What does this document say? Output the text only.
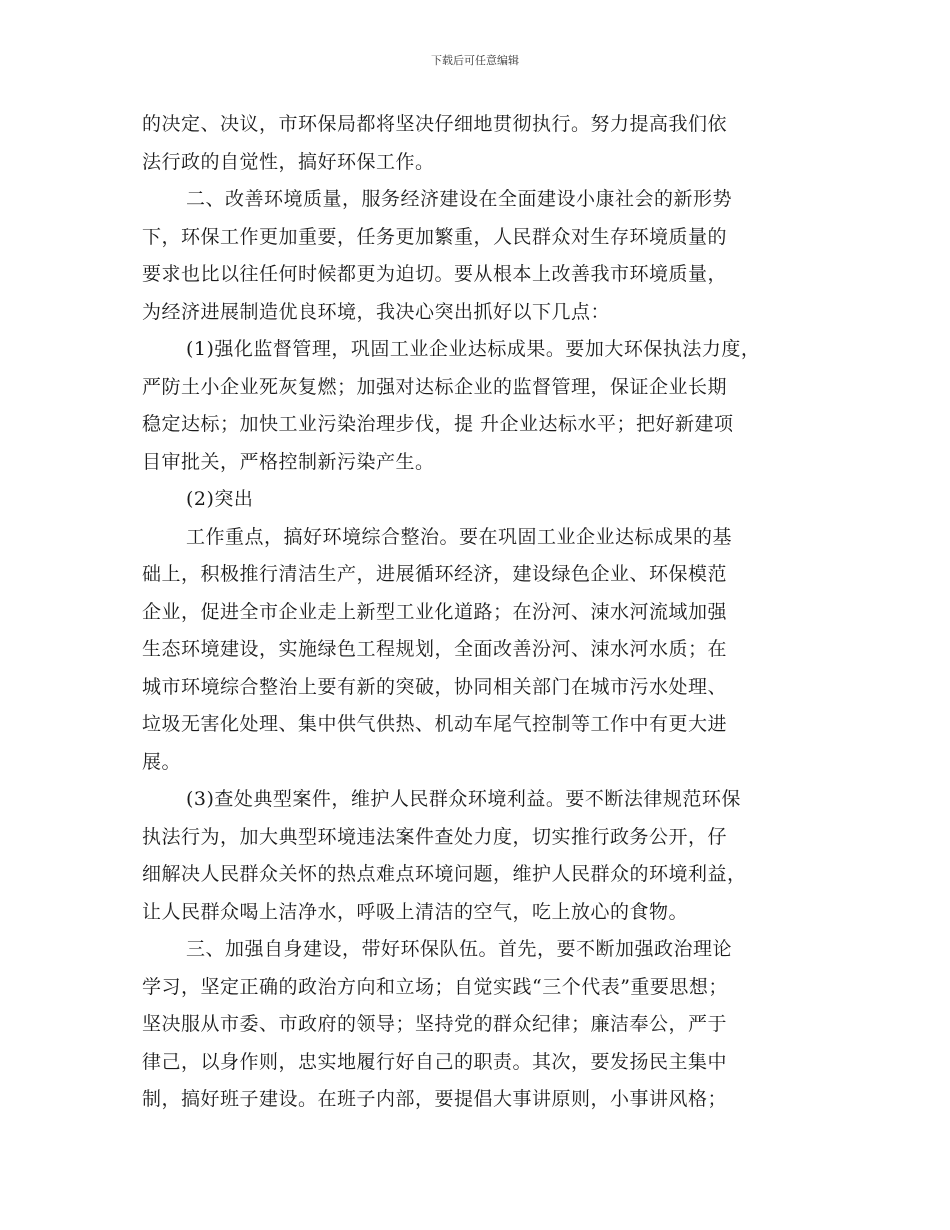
下载后可任意编辑

的决定、决议，市环保局都将坚决仔细地贯彻执行。努力提高我们依
法行政的自觉性，搞好环保工作。

二、改善环境质量，服务经济建设在全面建设小康社会的新形势
下，环保工作更加重要，任务更加繁重，人民群众对生存环境质量的
要求也比以往任何时候都更为迫切。要从根本上改善我市环境质量，
为经济进展制造优良环境，我决心突出抓好以下几点：

(1)强化监督管理，巩固工业企业达标成果。要加大环保执法力度，
严防土小企业死灰复燃；加强对达标企业的监督管理，保证企业长期
稳定达标；加快工业污染治理步伐，提 升企业达标水平；把好新建项
目审批关，严格控制新污染产生。

(2)突出

工作重点，搞好环境综合整治。要在巩固工业企业达标成果的基
础上，积极推行清洁生产，进展循环经济，建设绿色企业、环保模范
企业，促进全市企业走上新型工业化道路；在汾河、涑水河流域加强
生态环境建设，实施绿色工程规划，全面改善汾河、涑水河水质；在
城市环境综合整治上要有新的突破，协同相关部门在城市污水处理、
垃圾无害化处理、集中供气供热、机动车尾气控制等工作中有更大进
展。

(3)查处典型案件，维护人民群众环境利益。要不断法律规范环保
执法行为，加大典型环境违法案件查处力度，切实推行政务公开，仔
细解决人民群众关怀的热点难点环境问题，维护人民群众的环境利益，
让人民群众喝上洁净水，呼吸上清洁的空气，吃上放心的食物。

三、加强自身建设，带好环保队伍。首先，要不断加强政治理论
学习，坚定正确的政治方向和立场；自觉实践“三个代表”重要思想；
坚决服从市委、市政府的领导；坚持党的群众纪律；廉洁奉公，严于
律己，以身作则，忠实地履行好自己的职责。其次，要发扬民主集中
制，搞好班子建设。在班子内部，要提倡大事讲原则，小事讲风格；
